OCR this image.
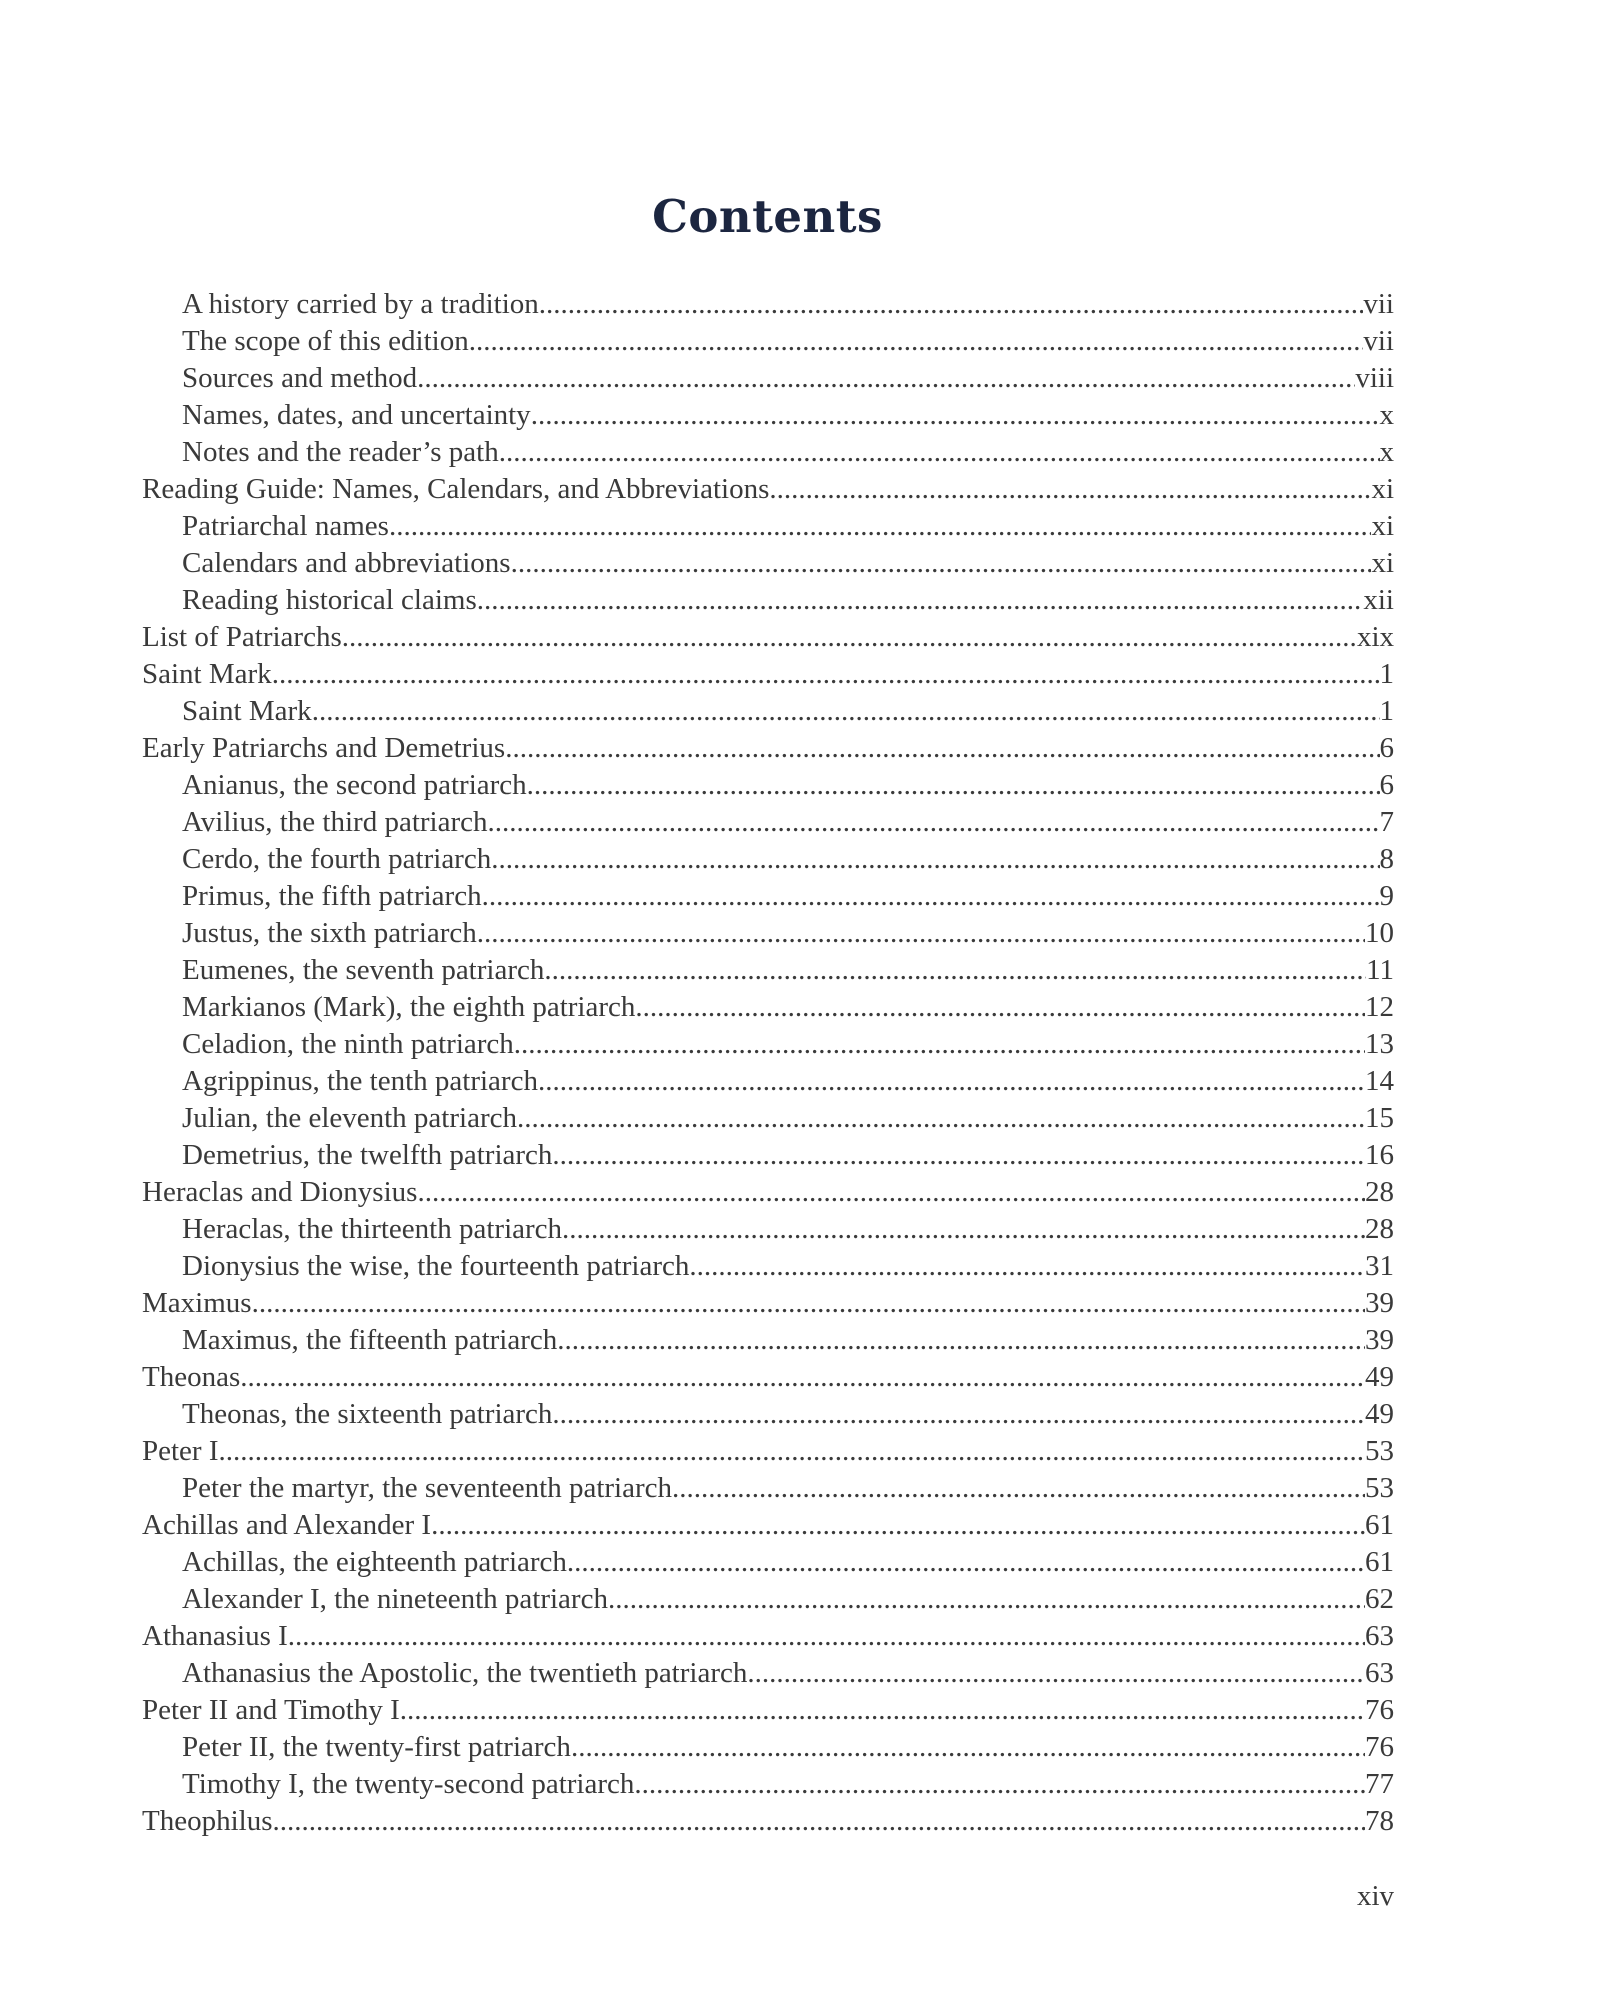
Contents
A history carried by a tradition .....	vii
The scope of this edition .....	vii
Sources and method .....	viii
Names, dates, and uncertainty .....	x
Notes and the reader’s path .....	x
Reading Guide: Names, Calendars, and Abbreviations .....	xi
Patriarchal names .....	xi
Calendars and abbreviations .....	xi
Reading historical claims .....	xii
List of Patriarchs .....	xix
Saint Mark .....	1
Saint Mark .....	1
Early Patriarchs and Demetrius .....	6
Anianus, the second patriarch .....	6
Avilius, the third patriarch .....	7
Cerdo, the fourth patriarch .....	8
Primus, the fifth patriarch .....	9
Justus, the sixth patriarch .....	10
Eumenes, the seventh patriarch .....	11
Markianos (Mark), the eighth patriarch .....	12
Celadion, the ninth patriarch .....	13
Agrippinus, the tenth patriarch .....	14
Julian, the eleventh patriarch .....	15
Demetrius, the twelfth patriarch .....	16
Heraclas and Dionysius .....	28
Heraclas, the thirteenth patriarch .....	28
Dionysius the wise, the fourteenth patriarch .....	31
Maximus .....	39
Maximus, the fifteenth patriarch .....	39
Theonas .....	49
Theonas, the sixteenth patriarch .....	49
Peter I .....	53
Peter the martyr, the seventeenth patriarch .....	53
Achillas and Alexander I .....	61
Achillas, the eighteenth patriarch .....	61
Alexander I, the nineteenth patriarch .....	62
Athanasius I .....	63
Athanasius the Apostolic, the twentieth patriarch .....	63
Peter II and Timothy I .....	76
Peter II, the twenty-first patriarch .....	76
Timothy I, the twenty-second patriarch .....	77
Theophilus .....	78
xiv
